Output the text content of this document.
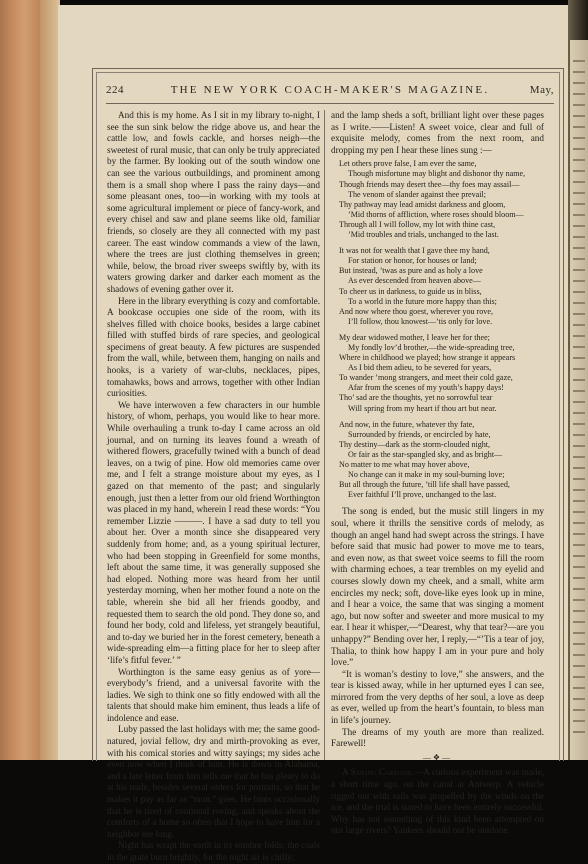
224	THE NEW YORK COACH-MAKER'S MAGAZINE.	May,

And this is my home. As I sit in my library to-night, I see the sun sink below the ridge above us, and hear the cattle low, and fowls cackle, and horses neigh—the sweetest of rural music, that can only be truly appreciated by the farmer. By looking out of the south window one can see the various outbuildings, and prominent among them is a small shop where I pass the rainy days—and some pleasant ones, too—in working with my tools at some agricultural implement or piece of fancy-work, and every chisel and saw and plane seems like old, familiar friends, so closely are they all connected with my past career. The east window commands a view of the lawn, where the trees are just clothing themselves in green; while, below, the broad river sweeps swiftly by, with its waters growing darker and darker each moment as the shadows of evening gather over it.

Here in the library everything is cozy and comfortable. A bookcase occupies one side of the room, with its shelves filled with choice books, besides a large cabinet filled with stuffed birds of rare species, and geological specimens of great beauty. A few pictures are suspended from the wall, while, between them, hanging on nails and hooks, is a variety of war-clubs, necklaces, pipes, tomahawks, bows and arrows, together with other Indian curiosities.

We have interwoven a few characters in our humble history, of whom, perhaps, you would like to hear more. While overhauling a trunk to-day I came across an old journal, and on turning its leaves found a wreath of withered flowers, gracefully twined with a bunch of dead leaves, on a twig of pine. How old memories came over me, and I felt a strange moisture about my eyes, as I gazed on that memento of the past; and singularly enough, just then a letter from our old friend Worthington was placed in my hand, wherein I read these words: “You remember Lizzie ———. I have a sad duty to tell you about her. Over a month since she disappeared very suddenly from home; and, as a young spiritual lecturer, who had been stopping in Greenfield for some months, left about the same time, it was generally supposed she had eloped. Nothing more was heard from her until yesterday morning, when her mother found a note on the table, wherein she bid all her friends goodby, and requested them to search the old pond. They done so, and found her body, cold and lifeless, yet strangely beautiful, and to-day we buried her in the forest cemetery, beneath a wide-spreading elm—a fitting place for her to sleep after ‘life’s fitful fever.’ ”

Worthington is the same easy genius as of yore—everybody’s friend, and a universal favorite with the ladies. We sigh to think one so fitly endowed with all the talents that should make him eminent, thus leads a life of indolence and ease.

Luby passed the last holidays with me; the same good-natured, jovial fellow, dry and mirth-provoking as ever, with his comical stories and witty sayings; my sides ache even now when I think of him. He is down in Alabama, and a late letter from him tells me that he has plenty to do at his trade, besides several orders for portraits, so that he makes it pay as far as “mon.” goes. He hints occasionally that he is tired of continual roving, and speaks about the comforts of a home so often that I hope to have him for a neighbor ere long.

Night has wrapt the earth in its sombre folds; the coals in the grate burn brightly, for the night air is chilly;

and the lamp sheds a soft, brilliant light over these pages as I write.——Listen! A sweet voice, clear and full of exquisite melody, comes from the next room, and dropping my pen I hear these lines sung :—

Let others prove false, I am ever the same,
Though misfortune may blight and dishonor thy name,
Though friends may desert thee—thy foes may assail—
The venom of slander against thee prevail;
Thy pathway may lead amidst darkness and gloom,
’Mid thorns of affliction, where roses should bloom—
Through all I will follow, my lot with thine cast,
’Mid troubles and trials, unchanged to the last.
It was not for wealth that I gave thee my hand,
For station or honor, for houses or land;
But instead, ’twas as pure and as holy a love
As ever descended from heaven above—
To cheer us in darkness, to guide us in bliss,
To a world in the future more happy than this;
And now where thou goest, wherever you rove,
I’ll follow, thou knowest—’tis only for love.
My dear widowed mother, I leave her for thee;
My fondly lov’d brother,—the wide-spreading tree,
Where in childhood we played; how strange it appears
As I bid them adieu, to be severed for years,
To wander ’mong strangers, and meet their cold gaze,
Afar from the scenes of my youth’s happy days!
Tho’ sad are the thoughts, yet no sorrowful tear
Will spring from my heart if thou art but near.
And now, in the future, whatever thy fate,
Surrounded by friends, or encircled by hate,
Thy destiny—dark as the storm-clouded night,
Or fair as the star-spangled sky, and as bright—
No matter to me what may hover above,
No change can it make in my soul-burning love;
But all through the future, ’till life shall have passed,
Ever faithful I’ll prove, unchanged to the last.

The song is ended, but the music still lingers in my soul, where it thrills the sensitive cords of melody, as though an angel hand had swept across the strings. I have before said that music had power to move me to tears, and even now, as that sweet voice seems to fill the room with charming echoes, a tear trembles on my eyelid and courses slowly down my cheek, and a small, white arm encircles my neck; soft, dove-like eyes look up in mine, and I hear a voice, the same that was singing a moment ago, but now softer and sweeter and more musical to my ear. I hear it whisper,—“Dearest, why that tear?—are you unhappy?” Bending over her, I reply,—“’Tis a tear of joy, Thalia, to think how happy I am in your pure and holy love.”

“It is woman’s destiny to love,” she answers, and the tear is kissed away, while in her upturned eyes I can see, mirrored from the very depths of her soul, a love as deep as ever, welled up from the heart’s fountain, to bless man in life’s journey.

The dreams of my youth are more than realized. Farewell!

—❖—

A Sailing Carriage.—A curious experiment was made, a short time ago, on the canal at Antwerp. A vehicle rigged out with sails was propelled by the winds on the ice, and the trial is stated to have been entirely successful. Why has not something of this kind been attempted on our large rivers? Yankees should not be outdone.
